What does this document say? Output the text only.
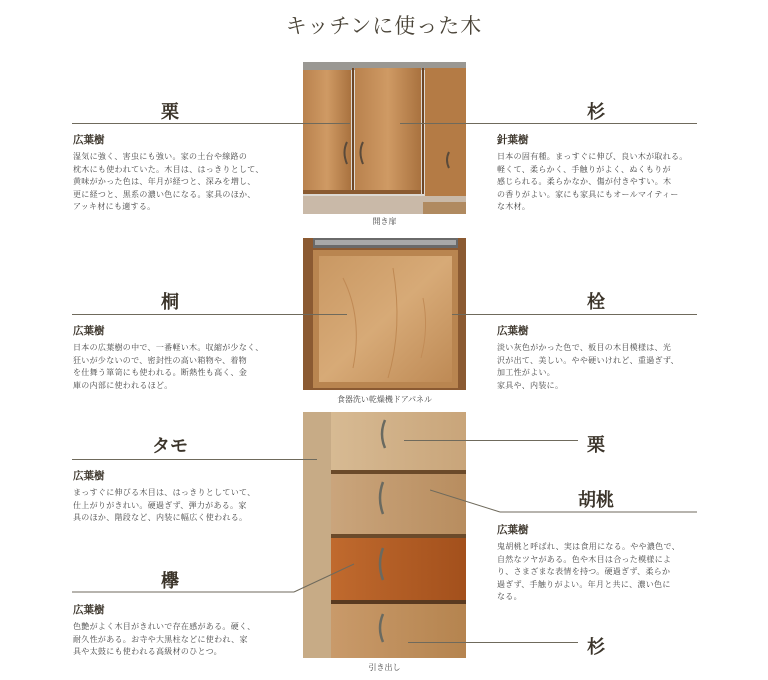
キッチンに使った木
開き扉
食器洗い乾燥機ドアパネル
引き出し
栗
広葉樹
湿気に強く、害虫にも強い。家の土台や線路の
枕木にも使われていた。木目は、はっきりとして、
黄味がかった色は、年月が経つと、深みを増し、
更に経つと、黒系の濃い色になる。家具のほか、
アッキ材にも適する。
杉
針葉樹
日本の固有種。まっすぐに伸び、良い木が取れる。
軽くて、柔らかく、手触りがよく、ぬくもりが
感じられる。柔らかなか、傷が付きやすい。木
の香りがよい。家にも家具にもオールマイティー
な木材。
桐
広葉樹
日本の広葉樹の中で、一番軽い木。収縮が少なく、
狂いが少ないので、密封性の高い箱物や、着物
を仕舞う箪笥にも使われる。断熱性も高く、金
庫の内部に使われるほど。
栓
広葉樹
淡い灰色がかった色で、板目の木目模様は、光
沢が出て、美しい。やや硬いけれど、重過ぎず、
加工性がよい。
家具や、内装に。
タモ
広葉樹
まっすぐに伸びる木目は、はっきりとしていて、
仕上がりがきれい。硬過ぎず、弾力がある。家
具のほか、階段など、内装に幅広く使われる。
栗
胡桃
広葉樹
鬼胡桃と呼ばれ、実は食用になる。やや濃色で、
自然なツヤがある。色や木目は合った模様によ
り、さまざまな表情を持つ。硬過ぎず、柔らか
過ぎず、手触りがよい。年月と共に、濃い色に
なる。
欅
広葉樹
色艶がよく木目がきれいで存在感がある。硬く、
耐久性がある。お寺や大黒柱などに使われ、家
具や太鼓にも使われる高級材のひとつ。	杉
